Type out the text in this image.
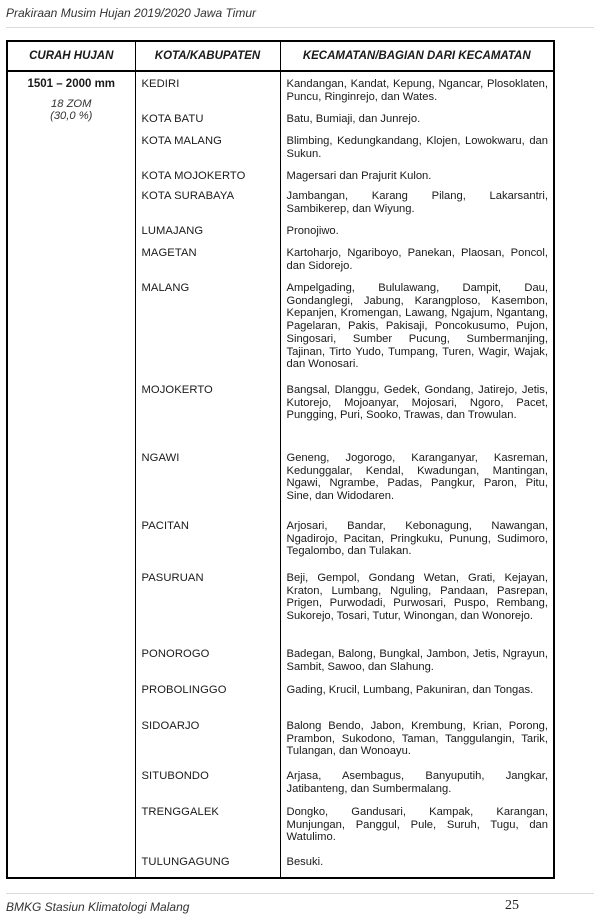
Prakiraan Musim Hujan 2019/2020 Jawa Timur
CURAH HUJAN	KOTA/KABUPATEN	KECAMATAN/BAGIAN DARI KECAMATAN

1501 – 2000 mm
18 ZOM
(30,0 %)	KEDIRI	Kandangan, Kandat, Kepung, Ngancar, Plosoklaten, Puncu, Ringinrejo, dan Wates.

	KOTA BATU	Batu, Bumiaji, dan Junrejo.

	KOTA MALANG	Blimbing, Kedungkandang, Klojen, Lowokwaru, dan Sukun.

	KOTA MOJOKERTO	Magersari dan Prajurit Kulon.

	KOTA SURABAYA	Jambangan, Karang Pilang, Lakarsantri, Sambikerep, dan Wiyung.

	LUMAJANG	Pronojiwo.

	MAGETAN	Kartoharjo, Ngariboyo, Panekan, Plaosan, Poncol, dan Sidorejo.

	MALANG	Ampelgading, Bululawang, Dampit, Dau, Gondanglegi, Jabung, Karangploso, Kasembon, Kepanjen, Kromengan, Lawang, Ngajum, Ngantang, Pagelaran, Pakis, Pakisaji, Poncokusumo, Pujon, Singosari, Sumber Pucung, Sumbermanjing, Tajinan, Tirto Yudo, Tumpang, Turen, Wagir, Wajak, dan Wonosari.

	MOJOKERTO	Bangsal, Dlanggu, Gedek, Gondang, Jatirejo, Jetis, Kutorejo, Mojoanyar, Mojosari, Ngoro, Pacet, Pungging, Puri, Sooko, Trawas, dan Trowulan.

	NGAWI	Geneng, Jogorogo, Karanganyar, Kasreman, Kedunggalar, Kendal, Kwadungan, Mantingan, Ngawi, Ngrambe, Padas, Pangkur, Paron, Pitu, Sine, dan Widodaren.

	PACITAN	Arjosari, Bandar, Kebonagung, Nawangan, Ngadirojo, Pacitan, Pringkuku, Punung, Sudimoro, Tegalombo, dan Tulakan.

	PASURUAN	Beji, Gempol, Gondang Wetan, Grati, Kejayan, Kraton, Lumbang, Nguling, Pandaan, Pasrepan, Prigen, Purwodadi, Purwosari, Puspo, Rembang, Sukorejo, Tosari, Tutur, Winongan, dan Wonorejo.

	PONOROGO	Badegan, Balong, Bungkal, Jambon, Jetis, Ngrayun, Sambit, Sawoo, dan Slahung.

	PROBOLINGGO	Gading, Krucil, Lumbang, Pakuniran, dan Tongas.

	SIDOARJO	Balong Bendo, Jabon, Krembung, Krian, Porong, Prambon, Sukodono, Taman, Tanggulangin, Tarik, Tulangan, dan Wonoayu.

	SITUBONDO	Arjasa, Asembagus, Banyuputih, Jangkar, Jatibanteng, dan Sumbermalang.

	TRENGGALEK	Dongko, Gandusari, Kampak, Karangan, Munjungan, Panggul, Pule, Suruh, Tugu, dan Watulimo.

	TULUNGAGUNG	Besuki.
BMKG Stasiun Klimatologi Malang	25
